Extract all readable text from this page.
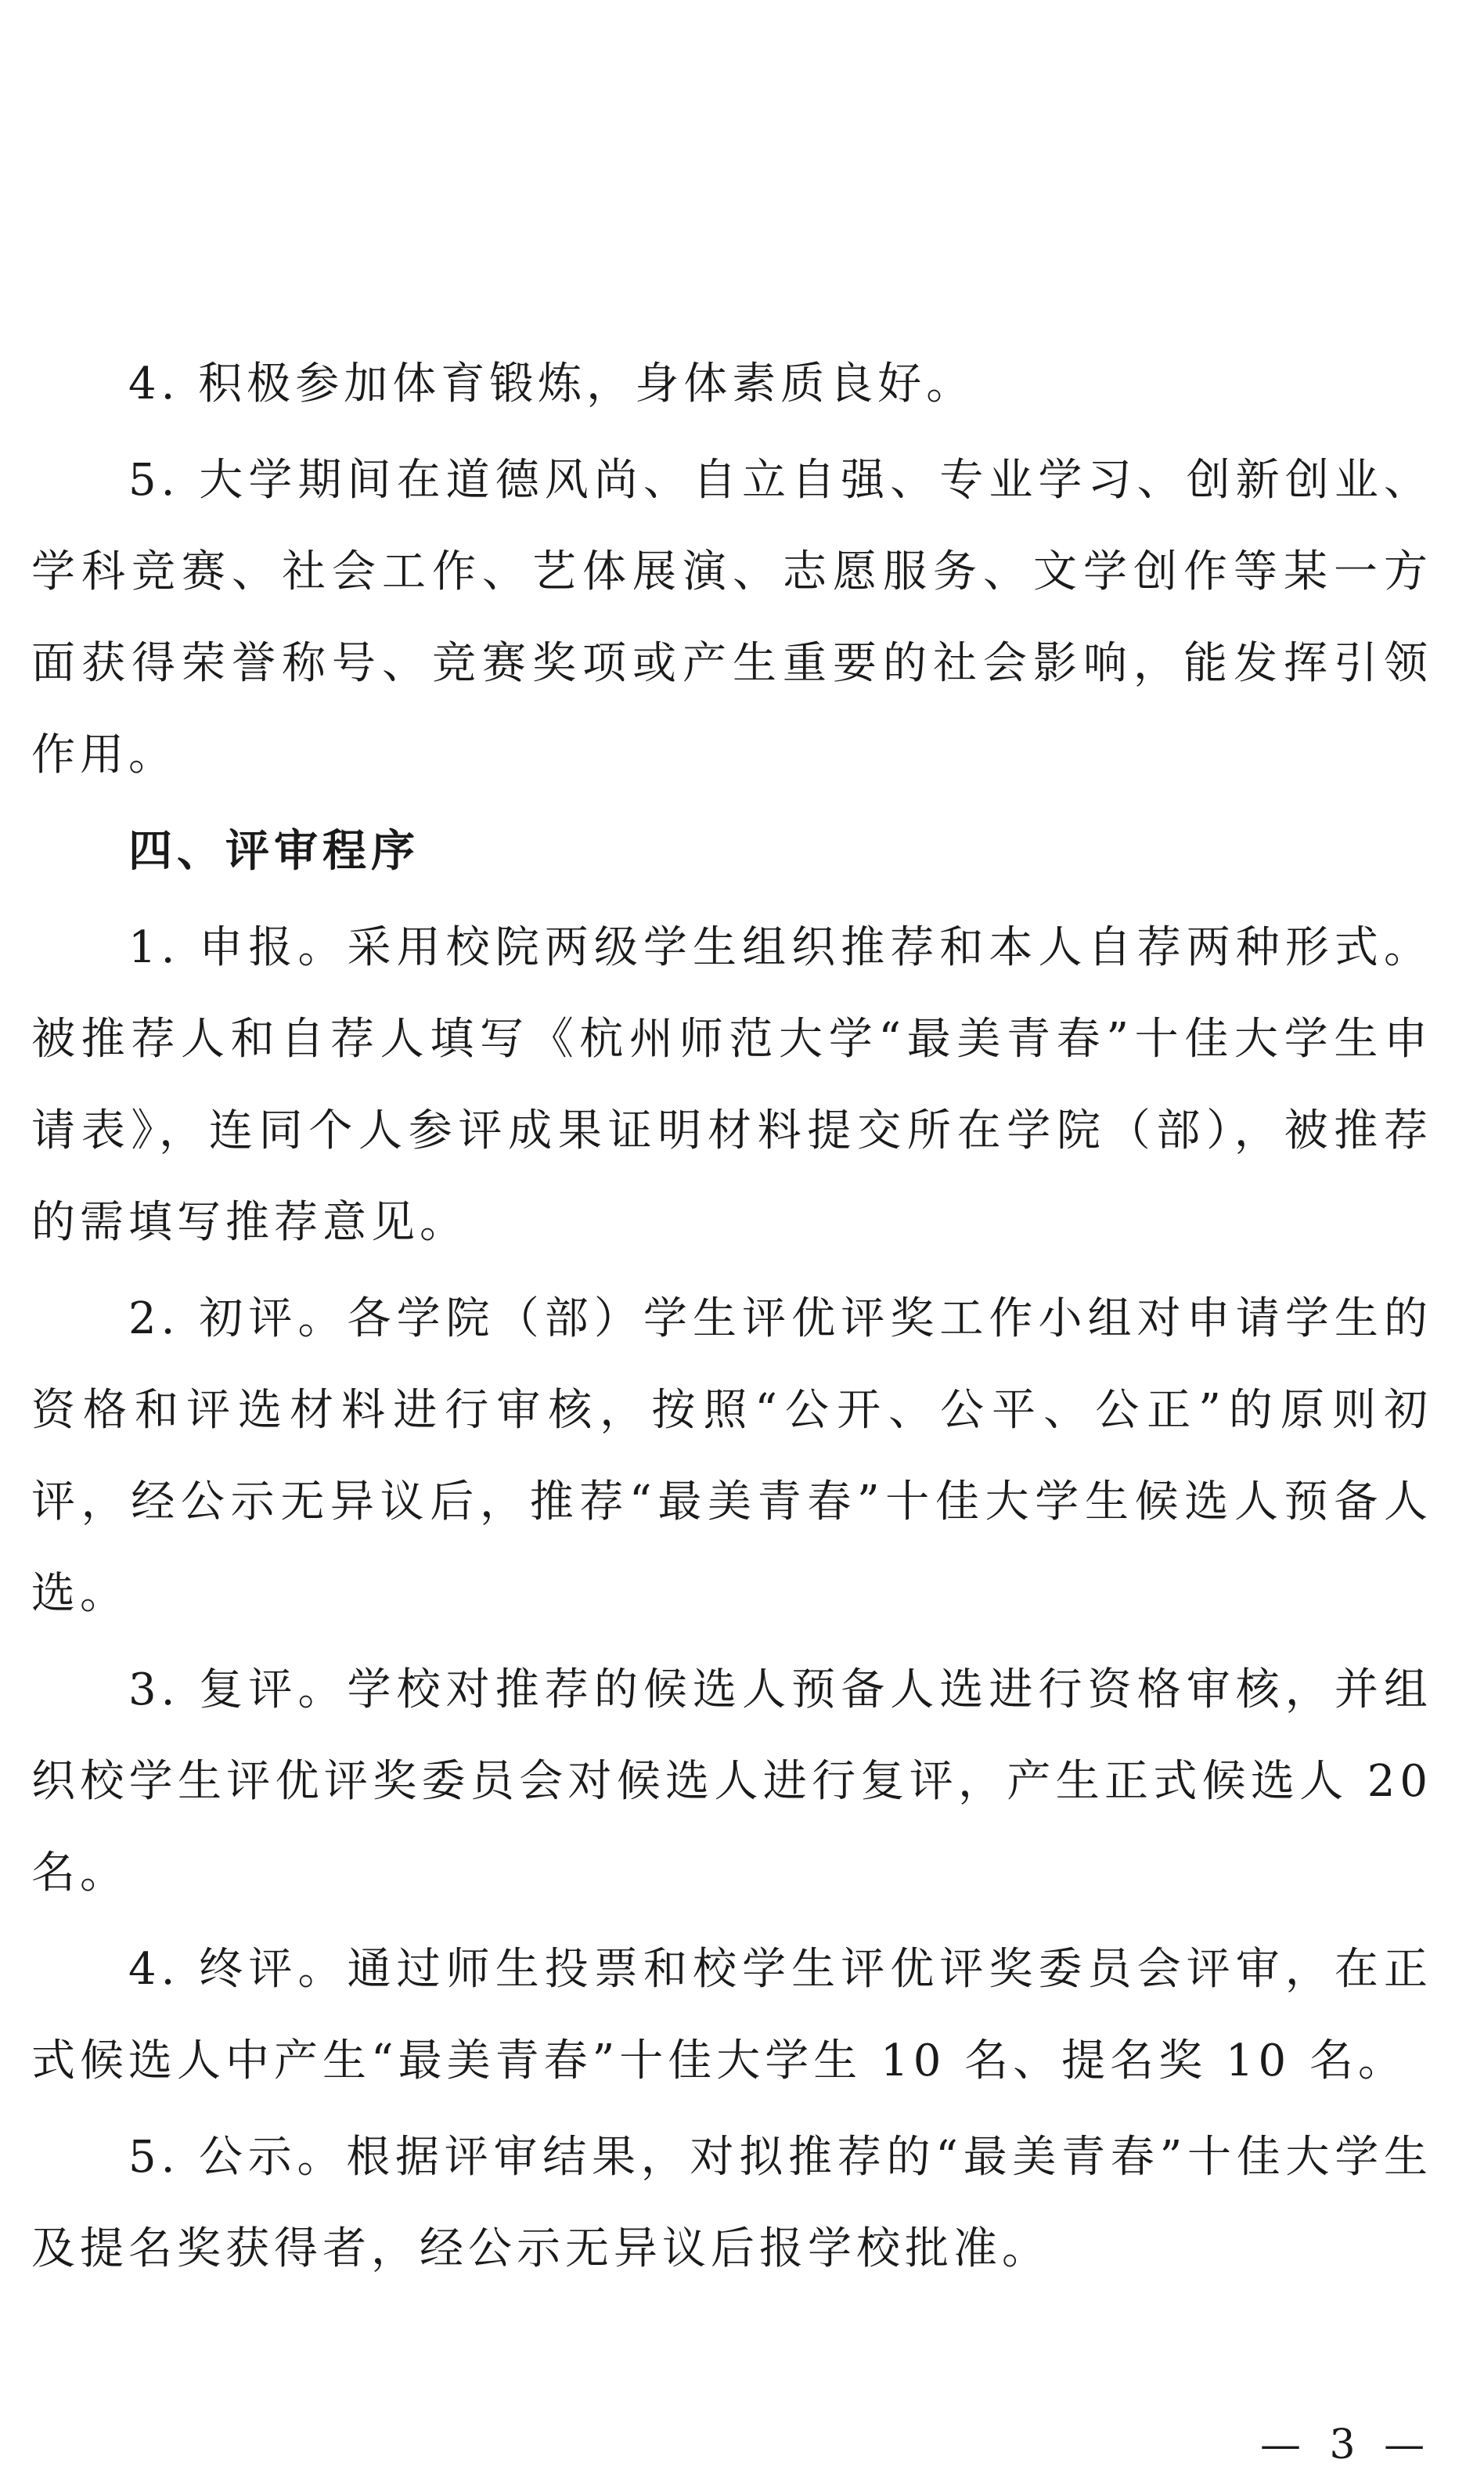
4. 积极参加体育锻炼，身体素质良好。

5. 大学期间在道德风尚、自立自强、专业学习、创新创业、学科竞赛、社会工作、艺体展演、志愿服务、文学创作等某一方面获得荣誉称号、竞赛奖项或产生重要的社会影响，能发挥引领作用。

四、评审程序

1. 申报。采用校院两级学生组织推荐和本人自荐两种形式。被推荐人和自荐人填写《杭州师范大学“最美青春”十佳大学生申请表》，连同个人参评成果证明材料提交所在学院（部），被推荐的需填写推荐意见。

2. 初评。各学院（部）学生评优评奖工作小组对申请学生的资格和评选材料进行审核，按照“公开、公平、公正”的原则初评，经公示无异议后，推荐“最美青春”十佳大学生候选人预备人选。

3. 复评。学校对推荐的候选人预备人选进行资格审核，并组织校学生评优评奖委员会对候选人进行复评，产生正式候选人 20 名。

4. 终评。通过师生投票和校学生评优评奖委员会评审，在正式候选人中产生“最美青春”十佳大学生 10 名、提名奖 10 名。

5. 公示。根据评审结果，对拟推荐的“最美青春”十佳大学生及提名奖获得者，经公示无异议后报学校批准。

— 3 —
